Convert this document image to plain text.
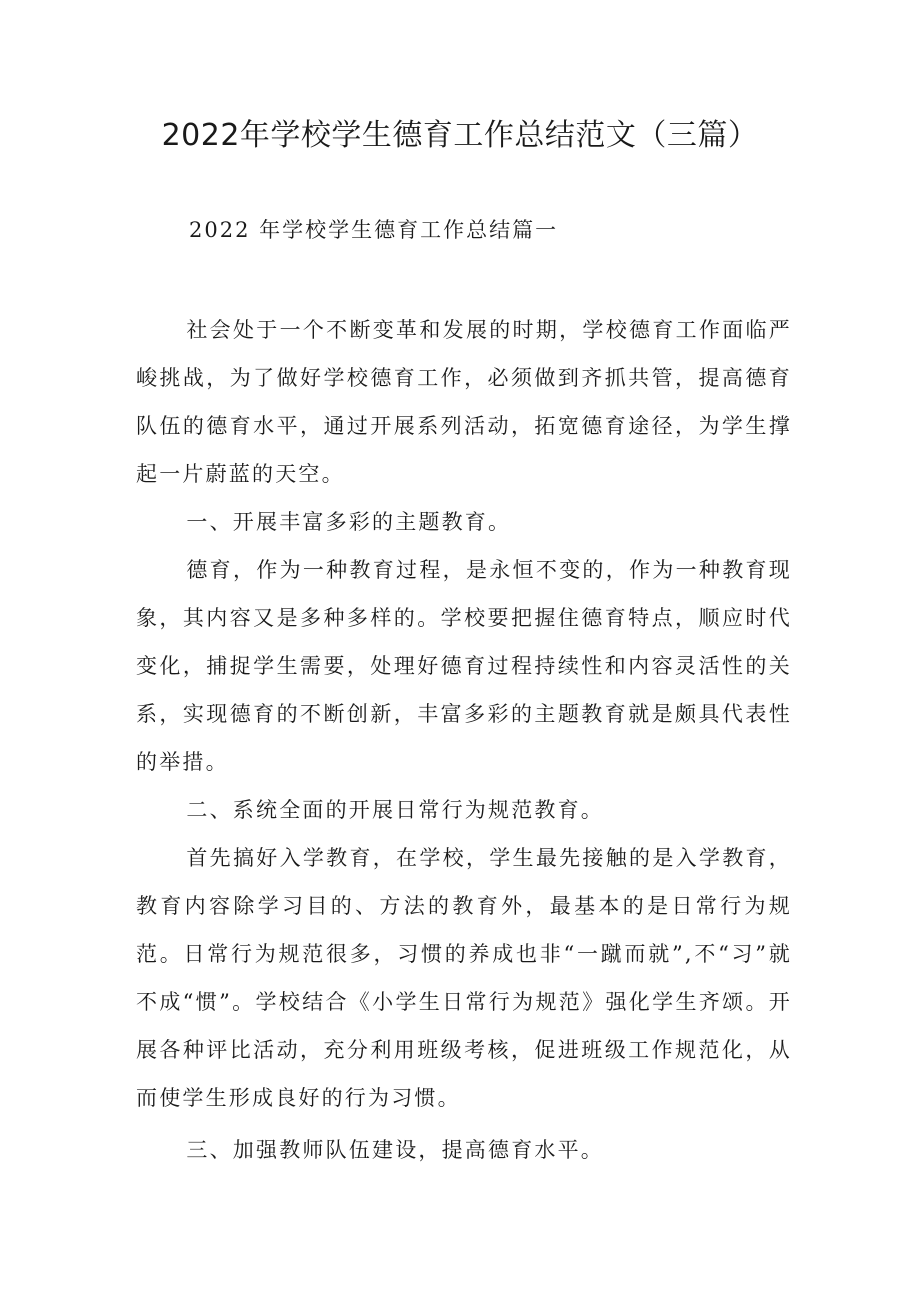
2022年学校学生德育工作总结范文（三篇）
2022 年学校学生德育工作总结篇一

社会处于一个不断变革和发展的时期，学校德育工作面临严峻挑战，为了做好学校德育工作，必须做到齐抓共管，提高德育队伍的德育水平，通过开展系列活动，拓宽德育途径，为学生撑起一片蔚蓝的天空。

一、开展丰富多彩的主题教育。

德育，作为一种教育过程，是永恒不变的，作为一种教育现象，其内容又是多种多样的。学校要把握住德育特点，顺应时代变化，捕捉学生需要，处理好德育过程持续性和内容灵活性的关系，实现德育的不断创新，丰富多彩的主题教育就是颇具代表性的举措。

二、系统全面的开展日常行为规范教育。

首先搞好入学教育，在学校，学生最先接触的是入学教育，教育内容除学习目的、方法的教育外，最基本的是日常行为规范。日常行为规范很多，习惯的养成也非“一蹴而就”,不“习”就不成“惯”。学校结合《小学生日常行为规范》强化学生齐颂。开展各种评比活动，充分利用班级考核，促进班级工作规范化，从而使学生形成良好的行为习惯。

三、加强教师队伍建设，提高德育水平。
